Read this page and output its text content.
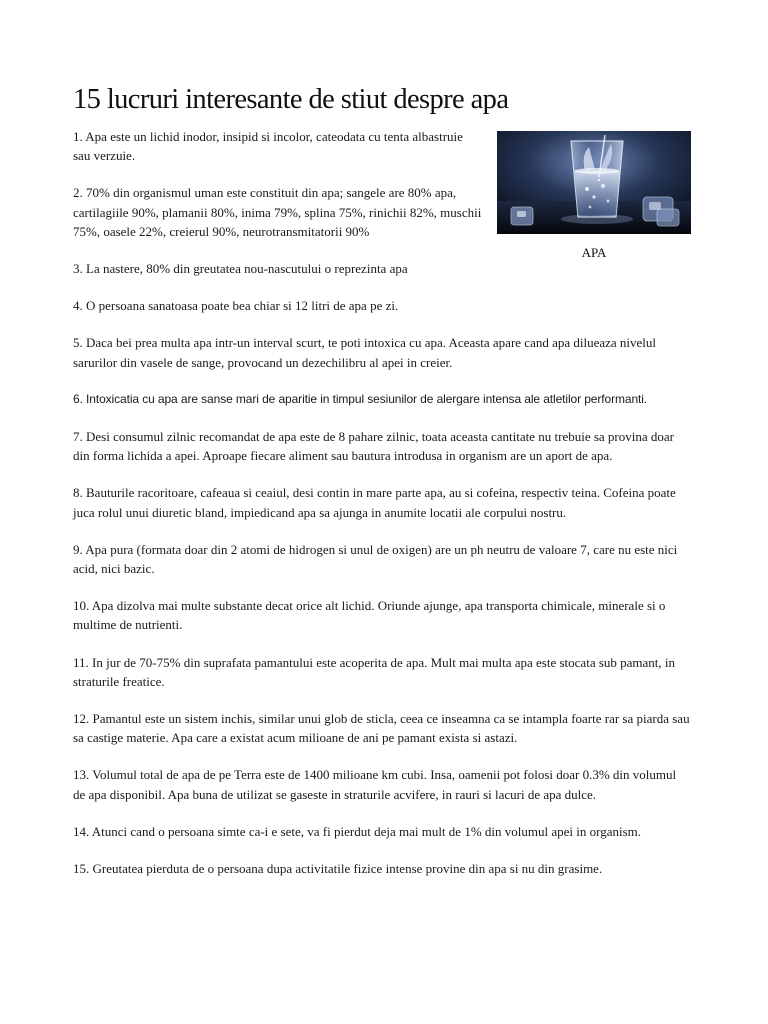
15 lucruri interesante de stiut despre apa
APA
1. Apa este un lichid inodor, insipid si incolor, cateodata cu tenta albastruie sau verzuie.
2. 70% din organismul uman este constituit din apa; sangele are 80% apa, cartilagiile 90%, plamanii 80%, inima 79%, splina 75%, rinichii 82%, muschii 75%, oasele 22%, creierul 90%, neurotransmitatorii 90%
3. La nastere, 80% din greutatea nou-nascutului o reprezinta apa
4. O persoana sanatoasa poate bea chiar si 12 litri de apa pe zi.
5. Daca bei prea multa apa intr-un interval scurt, te poti intoxica cu apa. Aceasta apare cand apa dilueaza nivelul sarurilor din vasele de sange, provocand un dezechilibru al apei in creier.
6. Intoxicatia cu apa are sanse mari de aparitie in timpul sesiunilor de alergare intensa ale atletilor performanti.
7. Desi consumul zilnic recomandat de apa este de 8 pahare zilnic, toata aceasta cantitate nu trebuie sa provina doar din forma lichida a apei. Aproape fiecare aliment sau bautura introdusa in organism are un aport de apa.
8. Bauturile racoritoare, cafeaua si ceaiul, desi contin in mare parte apa, au si cofeina, respectiv teina. Cofeina poate juca rolul unui diuretic bland, impiedicand apa sa ajunga in anumite locatii ale corpului nostru.
9. Apa pura (formata doar din 2 atomi de hidrogen si unul de oxigen) are un ph neutru de valoare 7, care nu este nici acid, nici bazic.
10. Apa dizolva mai multe substante decat orice alt lichid. Oriunde ajunge, apa transporta chimicale, minerale si o multime de nutrienti.
11. In jur de 70-75% din suprafata pamantului este acoperita de apa. Mult mai multa apa este stocata sub pamant, in straturile freatice.
12. Pamantul este un sistem inchis, similar unui glob de sticla, ceea ce inseamna ca se intampla foarte rar sa piarda sau sa castige materie. Apa care a existat acum milioane de ani pe pamant exista si astazi.
13. Volumul total de apa de pe Terra este de 1400 milioane km cubi. Insa, oamenii pot folosi doar 0.3% din volumul de apa disponibil. Apa buna de utilizat se gaseste in straturile acvifere, in rauri si lacuri de apa dulce.
14. Atunci cand o persoana simte ca-i e sete, va fi pierdut deja mai mult de 1% din volumul apei in organism.
15. Greutatea pierduta de o persoana dupa activitatile fizice intense provine din apa si nu din grasime.
